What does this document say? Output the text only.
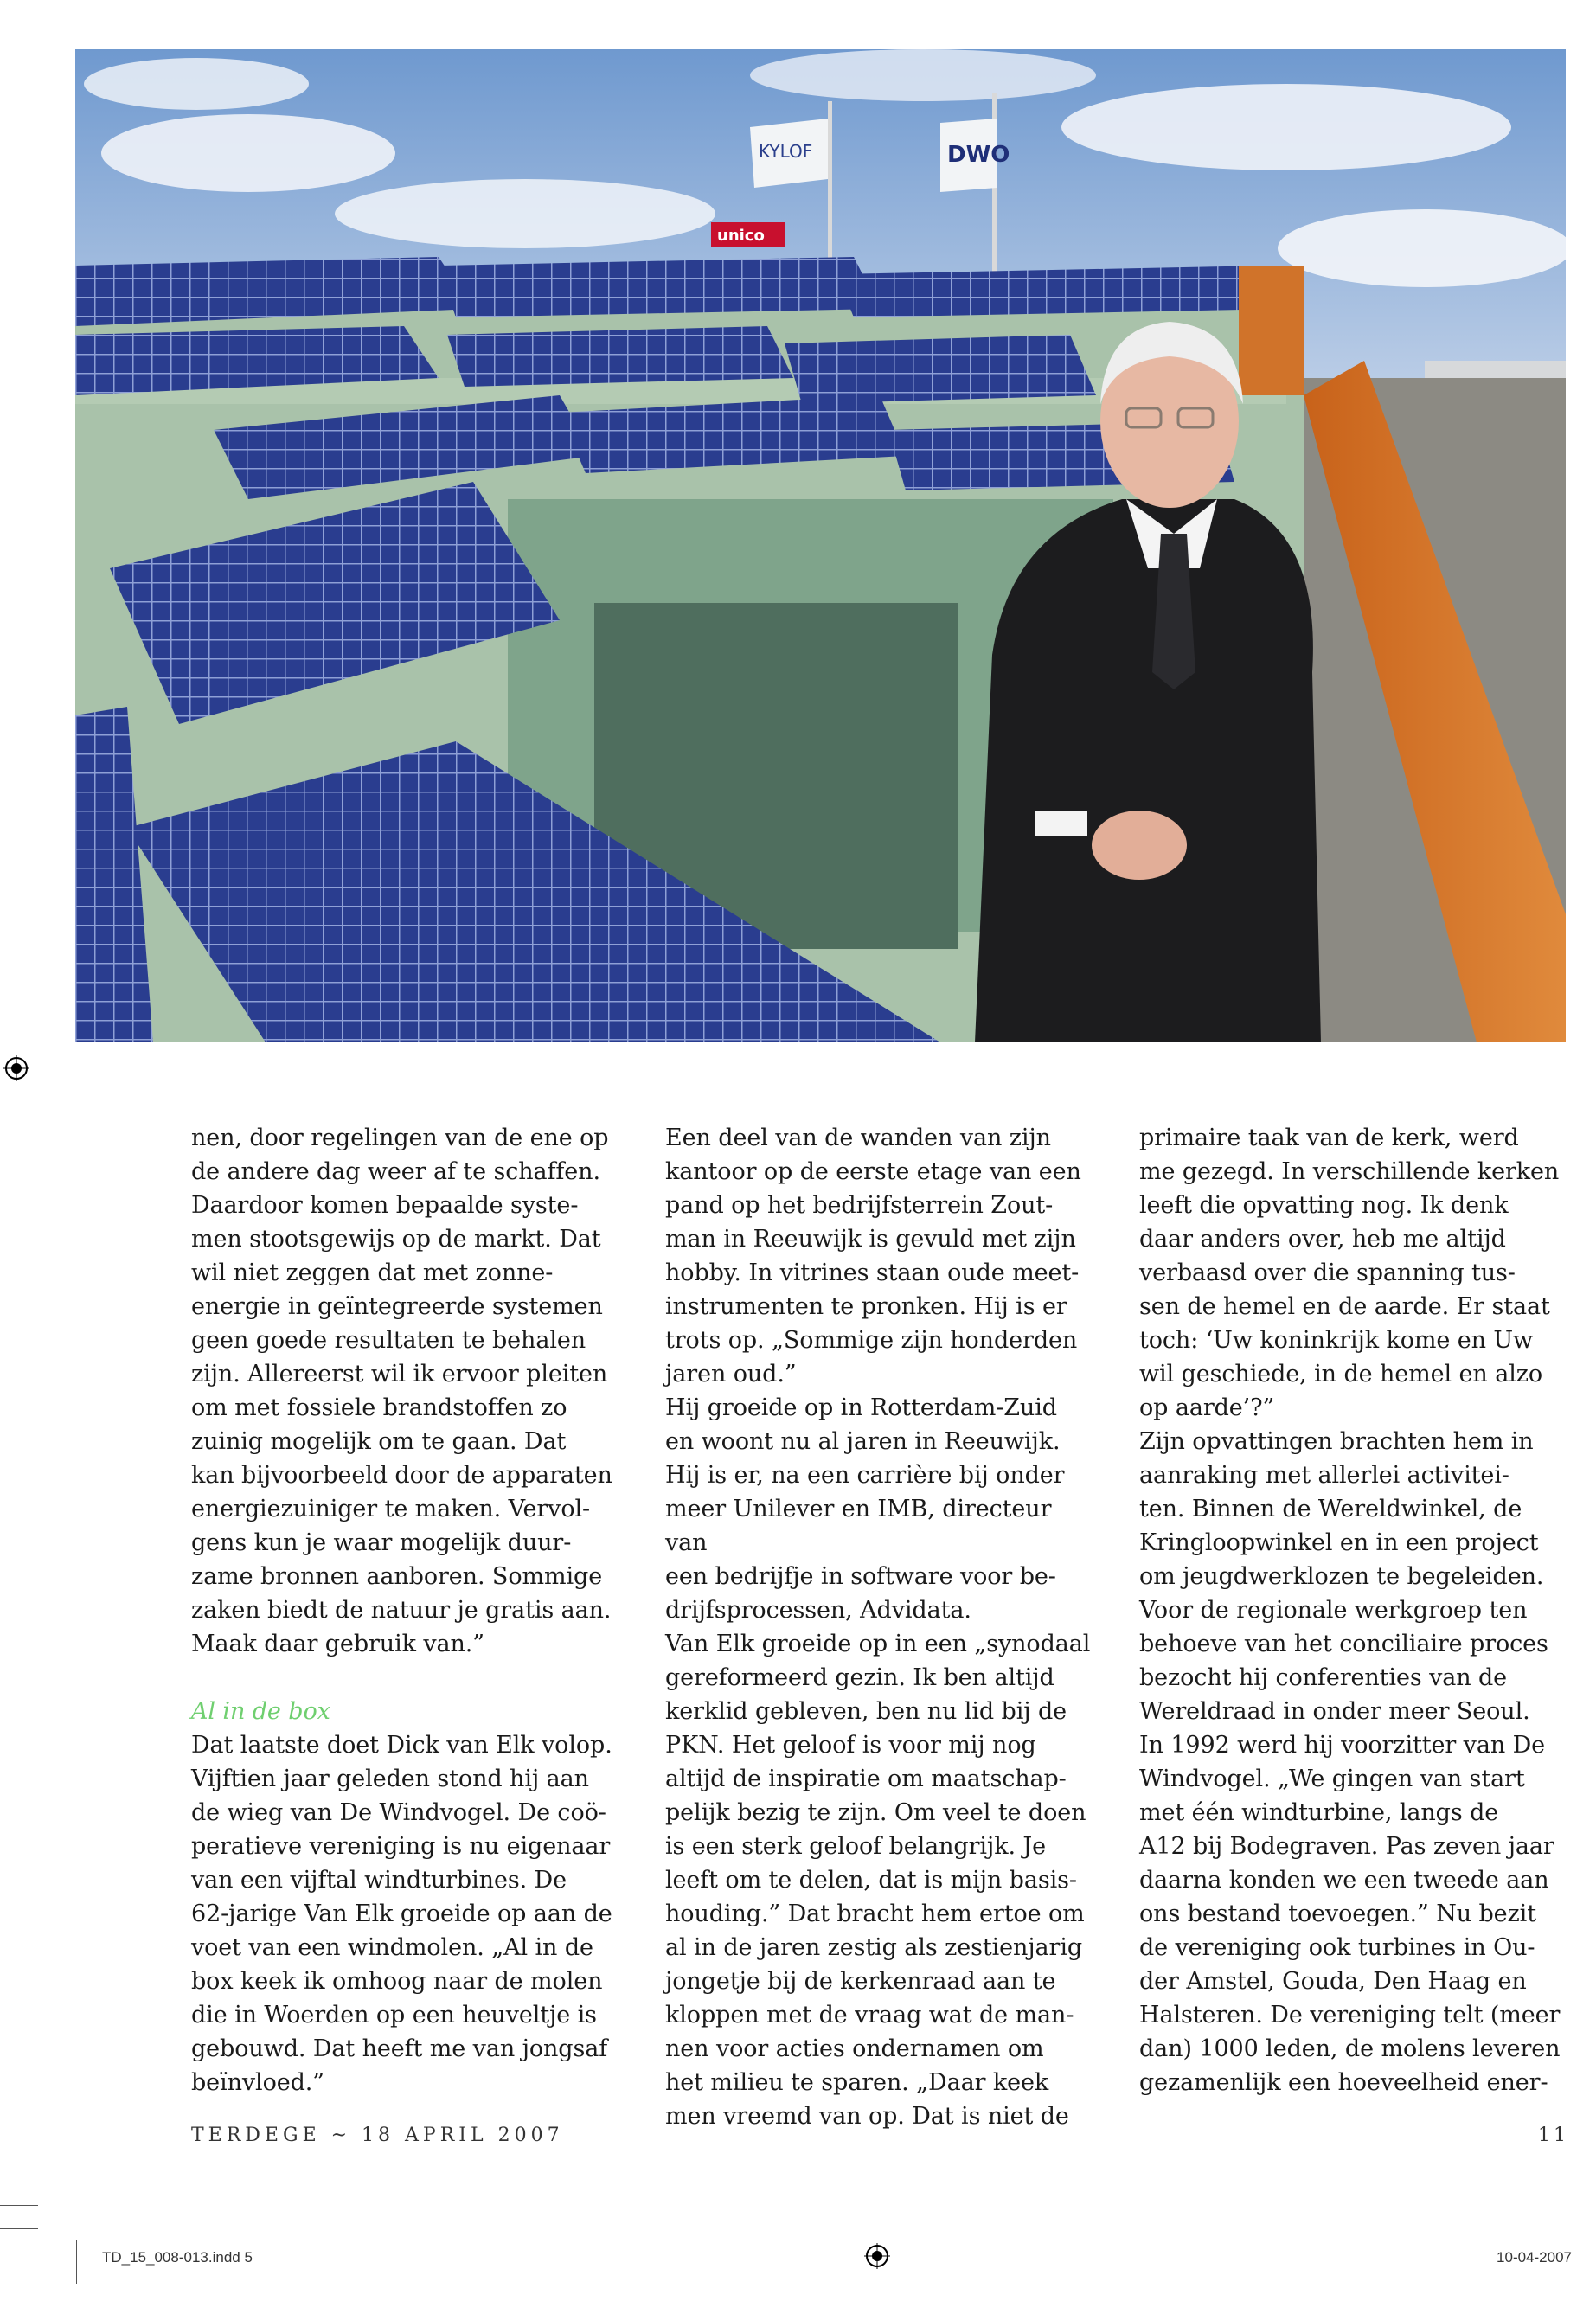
KYLOF	DWO
unico

nen, door regelingen van de ene op

de andere dag weer af te schaffen.

Daardoor komen bepaalde syste-

men stootsgewijs op de markt. Dat

wil niet zeggen dat met zonne-

energie in geïntegreerde systemen

geen goede resultaten te behalen

zijn. Allereerst wil ik ervoor pleiten

om met fossiele brandstoffen zo

zuinig mogelijk om te gaan. Dat

kan bijvoorbeeld door de apparaten

energiezuiniger te maken. Vervol-

gens kun je waar mogelijk duur-

zame bronnen aanboren. Sommige

zaken biedt de natuur je gratis aan.

Maak daar gebruik van.”

Al in de box

Dat laatste doet Dick van Elk volop.

Vijftien jaar geleden stond hij aan

de wieg van De Windvogel. De coö-

peratieve vereniging is nu eigenaar

van een vijftal windturbines. De

62-jarige Van Elk groeide op aan de

voet van een windmolen. „Al in de

box keek ik omhoog naar de molen

die in Woerden op een heuveltje is

gebouwd. Dat heeft me van jongsaf

beïnvloed.”

Een deel van de wanden van zijn

kantoor op de eerste etage van een

pand op het bedrijfsterrein Zout-

man in Reeuwijk is gevuld met zijn

hobby. In vitrines staan oude meet-

instrumenten te pronken. Hij is er

trots op. „Sommige zijn honderden

jaren oud.”

Hij groeide op in Rotterdam-Zuid

en woont nu al jaren in Reeuwijk.

Hij is er, na een carrière bij onder

meer Unilever en IMB, directeur van

een bedrijfje in software voor be-

drijfsprocessen, Advidata.

Van Elk groeide op in een „synodaal

gereformeerd gezin. Ik ben altijd

kerklid gebleven, ben nu lid bij de

PKN. Het geloof is voor mij nog

altijd de inspiratie om maatschap-

pelijk bezig te zijn. Om veel te doen

is een sterk geloof belangrijk. Je

leeft om te delen, dat is mijn basis-

houding.” Dat bracht hem ertoe om

al in de jaren zestig als zestienjarig

jongetje bij de kerkenraad aan te

kloppen met de vraag wat de man-

nen voor acties ondernamen om

het milieu te sparen. „Daar keek

men vreemd van op. Dat is niet de

primaire taak van de kerk, werd

me gezegd. In verschillende kerken

leeft die opvatting nog. Ik denk

daar anders over, heb me altijd

verbaasd over die spanning tus-

sen de hemel en de aarde. Er staat

toch: ‘Uw koninkrijk kome en Uw

wil geschiede, in de hemel en alzo

op aarde’?”

Zijn opvattingen brachten hem in

aanraking met allerlei activitei-

ten. Binnen de Wereldwinkel, de

Kringloopwinkel en in een project

om jeugdwerklozen te begeleiden.

Voor de regionale werkgroep ten

behoeve van het conciliaire proces

bezocht hij conferenties van de

Wereldraad in onder meer Seoul.

In 1992 werd hij voorzitter van De

Windvogel. „We gingen van start

met één windturbine, langs de

A12 bij Bodegraven. Pas zeven jaar

daarna konden we een tweede aan

ons bestand toevoegen.” Nu bezit

de vereniging ook turbines in Ou-

der Amstel, Gouda, Den Haag en

Halsteren. De vereniging telt (meer

dan) 1000 leden, de molens leveren

gezamenlijk een hoeveelheid ener-

TERDEGE ~ 18 APRIL 2007	11
TD_15_008-013.indd 5	10-04-2007
